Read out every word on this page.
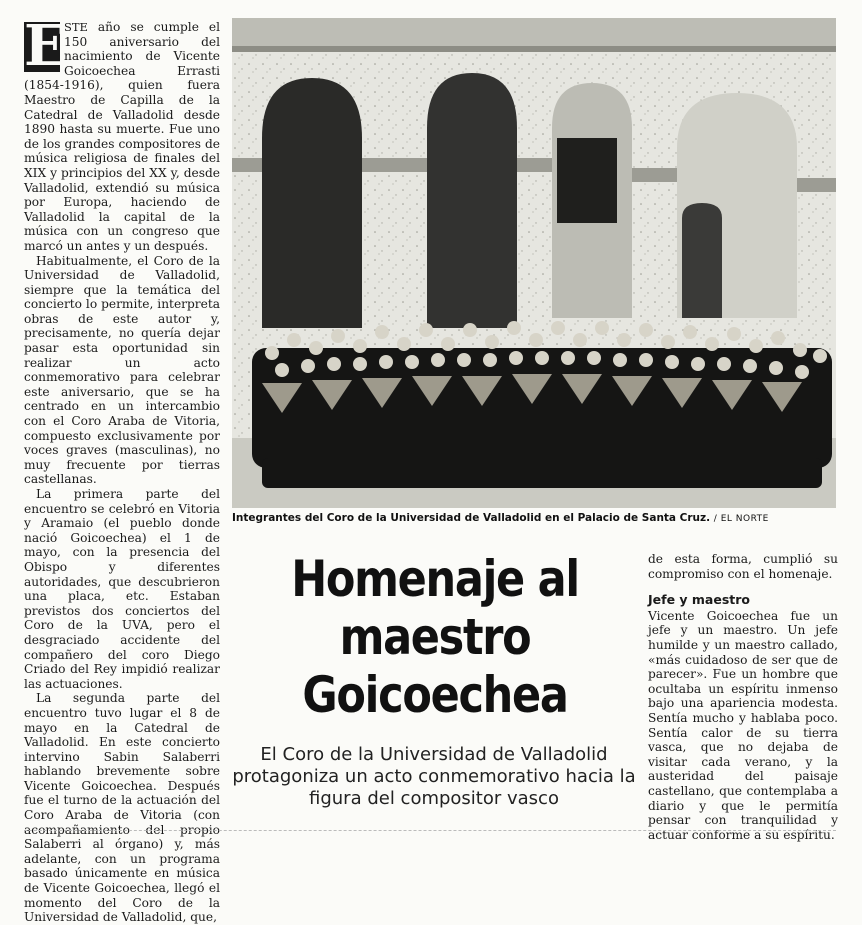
E
STE año se cumple el 150 aniversario del nacimiento de Vicente Goicoechea Errasti (1854-1916), quien fuera Maestro de Capilla de la Catedral de Valladolid desde 1890 hasta su muerte. Fue uno de los grandes compositores de música religiosa de finales del XIX y principios del XX y, desde Valladolid, extendió su música por Europa, haciendo de Valladolid la capital de la música con un congreso que marcó un antes y un después.

Habitualmente, el Coro de la Universidad de Valladolid, siempre que la temática del concierto lo permite, interpreta obras de este autor y, precisamente, no quería dejar pasar esta oportunidad sin realizar un acto conmemorativo para celebrar este aniversario, que se ha centrado en un intercambio con el Coro Araba de Vitoria, compuesto exclusivamente por voces graves (masculinas), no muy frecuente por tierras castellanas.

La primera parte del encuentro se celebró en Vitoria y Aramaio (el pueblo donde nació Goicoechea) el 1 de mayo, con la presencia del Obispo y diferentes autoridades, que descubrieron una placa, etc. Estaban previstos dos conciertos del Coro de la UVA, pero el desgraciado accidente del compañero del coro Diego Criado del Rey impidió realizar las actuaciones.

La segunda parte del encuentro tuvo lugar el 8 de mayo en la Catedral de Valladolid. En este concierto intervino Sabin Salaberri hablando brevemente sobre Vicente Goicoechea. Después fue el turno de la actuación del Coro Araba de Vitoria (con acompañamiento del propio Salaberri al órgano) y, más adelante, con un programa basado únicamente en música de Vicente Goicoechea, llegó el momento del Coro de la Universidad de Valladolid, que,

Integrantes del Coro de la Universidad de Valladolid en el Palacio de Santa Cruz. / EL NORTE
Homenaje al
maestro
Goicoechea
El Coro de la Universidad de Valladolid protagoniza un acto conmemorativo hacia la figura del compositor vasco

de esta forma, cumplió su compromiso con el homenaje.

Jefe y maestro

Vicente Goicoechea fue un jefe y un maestro. Un jefe humilde y un maestro callado, «más cuidadoso de ser que de parecer». Fue un hombre que ocultaba un espíritu inmenso bajo una apariencia modesta. Sentía mucho y hablaba poco. Sentía calor de su tierra vasca, que no dejaba de visitar cada verano, y la austeridad del paisaje castellano, que contemplaba a diario y que le permitía pensar con tranquilidad y actuar conforme a su espíritu.
